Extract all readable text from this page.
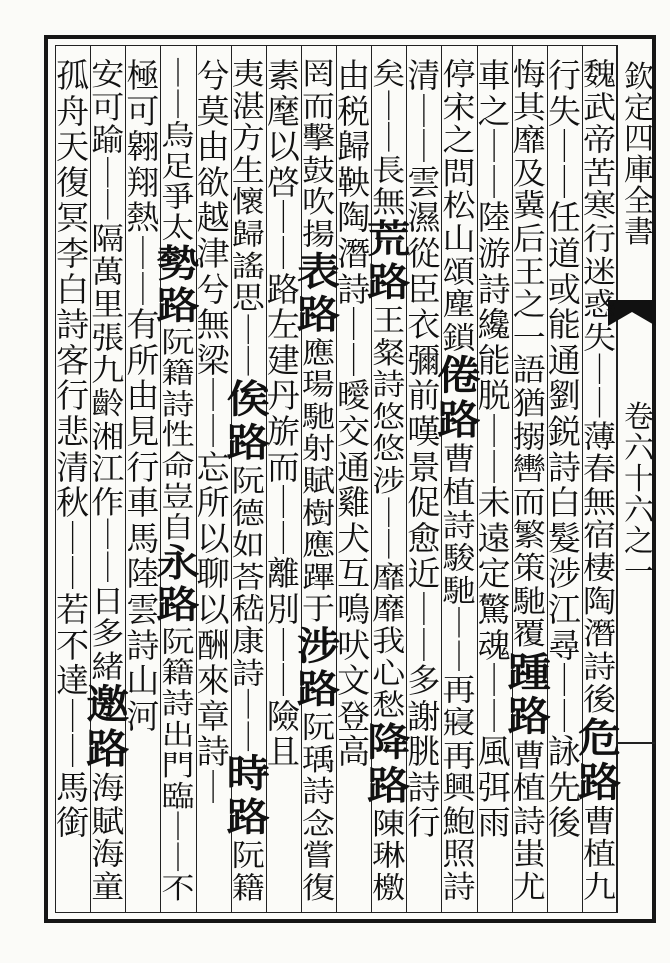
欽
定
四
庫
全
書
卷
六
十
六
之
一
魏
武
帝
苦
寒
行
迷
惑
失
｜
｜
薄
春
無
宿
棲
陶
潛
詩
後
危
路
曹
植
九
行
失
｜
｜
任
道
或
能
通
劉
鋭
詩
白
髮
涉
江
尋
｜
｜
詠
先
後
悔
其
靡
及
冀
后
王
之
一
語
猶
搦
轡
而
繁
策
馳
覆
踵
路
曹
植
詩
蚩
尤
車
之
｜
｜
陸
游
詩
纔
能
脱
｜
｜
未
遠
定
驚
魂
｜
｜
風
弭
雨
停
宋
之
問
松
山
頌
塵
鎖
倦
路
曹
植
詩
駿
馳
｜
｜
再
寢
再
興
鮑
照
詩
清
｜
｜
雲
濕
從
臣
衣
彌
前
嘆
景
促
愈
近
｜
｜
多
謝
朓
詩
行
矣
｜
｜
長
無
荒
路
王
粲
詩
悠
悠
涉
｜
｜
靡
靡
我
心
愁
降
路
陳
琳
檄
由
税
歸
鞅
陶
潛
詩
｜
｜
曖
交
通
雞
犬
互
鳴
吠
文
登
高
罔
而
擊
鼓
吹
揚
表
路
應
瑒
馳
射
賦
樹
應
蹕
于
涉
路
阮
瑀
詩
念
嘗
復
素
麾
以
啓
｜
｜
路
左
建
丹
旂
而
｜
｜
離
別
｜
｜
險
且
夷
湛
方
生
懷
歸
謠
思
｜
｜
俟
路
阮
德
如
荅
嵇
康
詩
｜
｜
時
路
阮
籍
兮
莫
由
欲
越
津
兮
無
梁
｜
｜
忘
所
以
聊
以
酬
來
章
詩
｜
｜
｜
烏
足
爭
太
勢
路
阮
籍
詩
性
命
豈
自
永
路
阮
籍
詩
出
門
臨
｜
｜
不
極
可
翱
翔
熱
｜
｜
有
所
由
見
行
車
馬
陸
雲
詩
山
河
安
可
踰
｜
｜
隔
萬
里
張
九
齡
湘
江
作
｜
｜
日
多
緒
邀
路
海
賦
海
童
孤
舟
天
復
冥
李
白
詩
客
行
悲
清
秋
｜
｜
若
不
達
｜
｜
馬
銜
